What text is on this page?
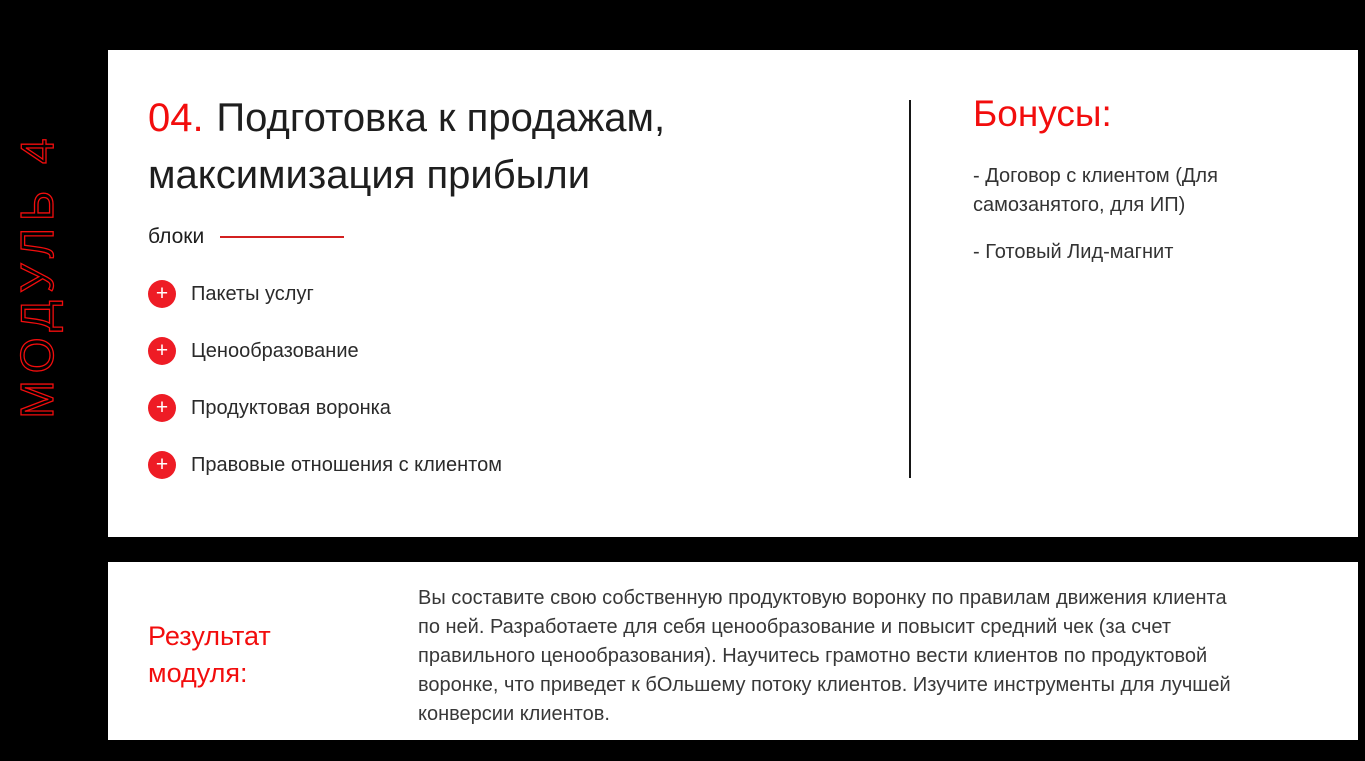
МОДУЛЬ 4
04. Подготовка к продажам,
максимизация прибыли
блоки
+ Пакеты услуг
+ Ценообразование
+ Продуктовая воронка
+ Правовые отношения с клиентом
Бонусы:

- Договор с клиентом (Для самозанятого, для ИП)

- Готовый Лид-магнит

Результат модуля:
Вы составите свою собственную продуктовую воронку по правилам движения клиента
по ней. Разработаете для себя ценообразование и повысит средний чек (за счет
правильного ценообразования). Научитесь грамотно вести клиентов по продуктовой
воронке, что приведет к бОльшему потоку клиентов. Изучите инструменты для лучшей
конверсии клиентов.
